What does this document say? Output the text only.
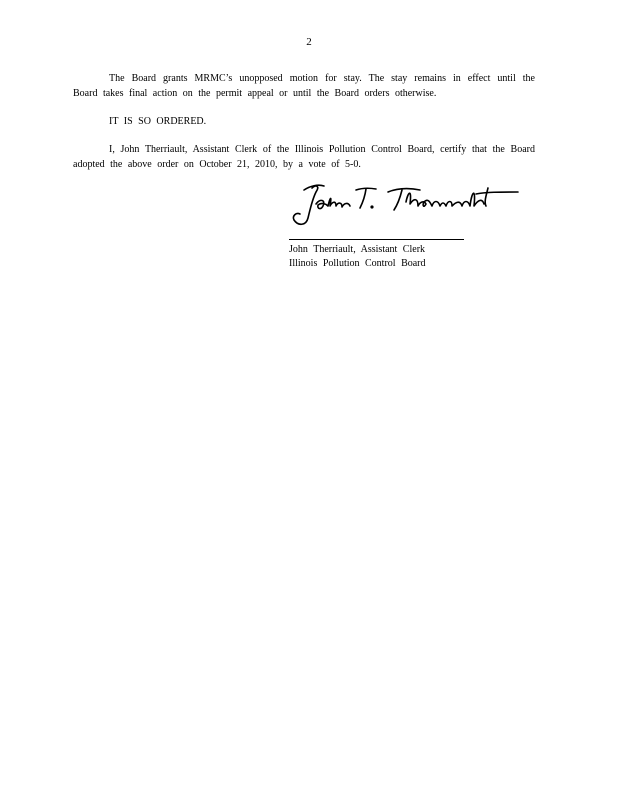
2
The Board grants MRMC’s unopposed motion for stay. The stay remains in effect until the Board takes final action on the permit appeal or until the Board orders otherwise.
IT IS SO ORDERED.
I, John Therriault, Assistant Clerk of the Illinois Pollution Control Board, certify that the Board adopted the above order on October 21, 2010, by a vote of 5-0.
John Therriault, Assistant Clerk
Illinois Pollution Control Board
